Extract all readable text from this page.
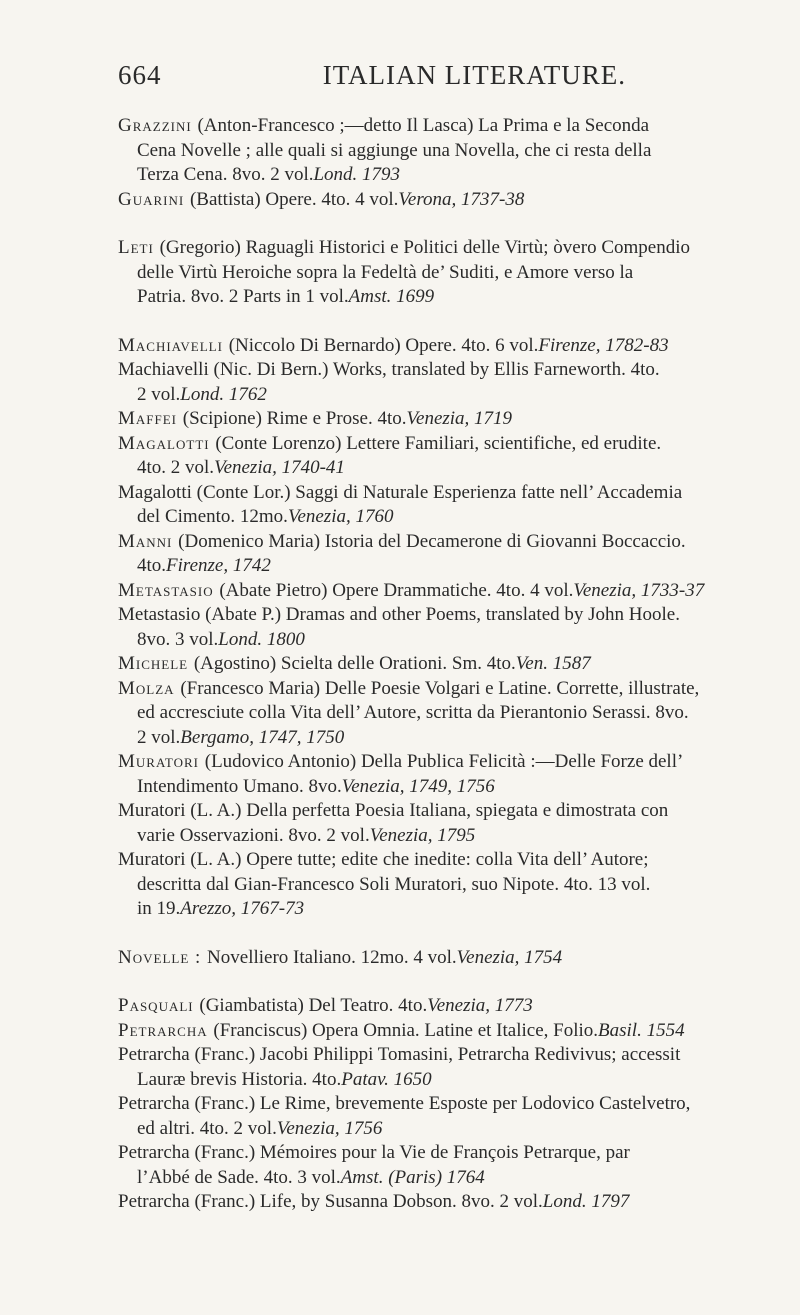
664	ITALIAN LITERATURE.
Grazzini (Anton-Francesco ;—detto Il Lasca) La Prima e la Seconda
Cena Novelle ; alle quali si aggiunge una Novella, che ci resta della
Terza Cena. 8vo. 2 vol.Lond. 1793
Guarini (Battista) Opere. 4to. 4 vol.Verona, 1737-38
Leti (Gregorio) Raguagli Historici e Politici delle Virtù; òvero Compendio
delle Virtù Heroiche sopra la Fedeltà de’ Suditi, e Amore verso la
Patria. 8vo. 2 Parts in 1 vol.Amst. 1699
Machiavelli (Niccolo Di Bernardo) Opere. 4to. 6 vol.Firenze, 1782-83
Machiavelli (Nic. Di Bern.) Works, translated by Ellis Farneworth. 4to.
2 vol.Lond. 1762
Maffei (Scipione) Rime e Prose. 4to.Venezia, 1719
Magalotti (Conte Lorenzo) Lettere Familiari, scientifiche, ed erudite.
4to. 2 vol.Venezia, 1740-41
Magalotti (Conte Lor.) Saggi di Naturale Esperienza fatte nell’ Accademia
del Cimento. 12mo.Venezia, 1760
Manni (Domenico Maria) Istoria del Decamerone di Giovanni Boccaccio.
4to.Firenze, 1742
Metastasio (Abate Pietro) Opere Drammatiche. 4to. 4 vol.Venezia, 1733-37
Metastasio (Abate P.) Dramas and other Poems, translated by John Hoole.
8vo. 3 vol.Lond. 1800
Michele (Agostino) Scielta delle Orationi. Sm. 4to.Ven. 1587
Molza (Francesco Maria) Delle Poesie Volgari e Latine. Corrette, illustrate,
ed accresciute colla Vita dell’ Autore, scritta da Pierantonio Serassi. 8vo.
2 vol.Bergamo, 1747, 1750
Muratori (Ludovico Antonio) Della Publica Felicità :—Delle Forze dell’
Intendimento Umano. 8vo.Venezia, 1749, 1756
Muratori (L. A.) Della perfetta Poesia Italiana, spiegata e dimostrata con
varie Osservazioni. 8vo. 2 vol.Venezia, 1795
Muratori (L. A.) Opere tutte; edite che inedite: colla Vita dell’ Autore;
descritta dal Gian-Francesco Soli Muratori, suo Nipote. 4to. 13 vol.
in 19.Arezzo, 1767-73
Novelle : Novelliero Italiano. 12mo. 4 vol.Venezia, 1754
Pasquali (Giambatista) Del Teatro. 4to.Venezia, 1773
Petrarcha (Franciscus) Opera Omnia. Latine et Italice, Folio.Basil. 1554
Petrarcha (Franc.) Jacobi Philippi Tomasini, Petrarcha Redivivus; accessit
Lauræ brevis Historia. 4to.Patav. 1650
Petrarcha (Franc.) Le Rime, brevemente Esposte per Lodovico Castelvetro,
ed altri. 4to. 2 vol.Venezia, 1756
Petrarcha (Franc.) Mémoires pour la Vie de François Petrarque, par
l’Abbé de Sade. 4to. 3 vol.Amst. (Paris) 1764
Petrarcha (Franc.) Life, by Susanna Dobson. 8vo. 2 vol.Lond. 1797
